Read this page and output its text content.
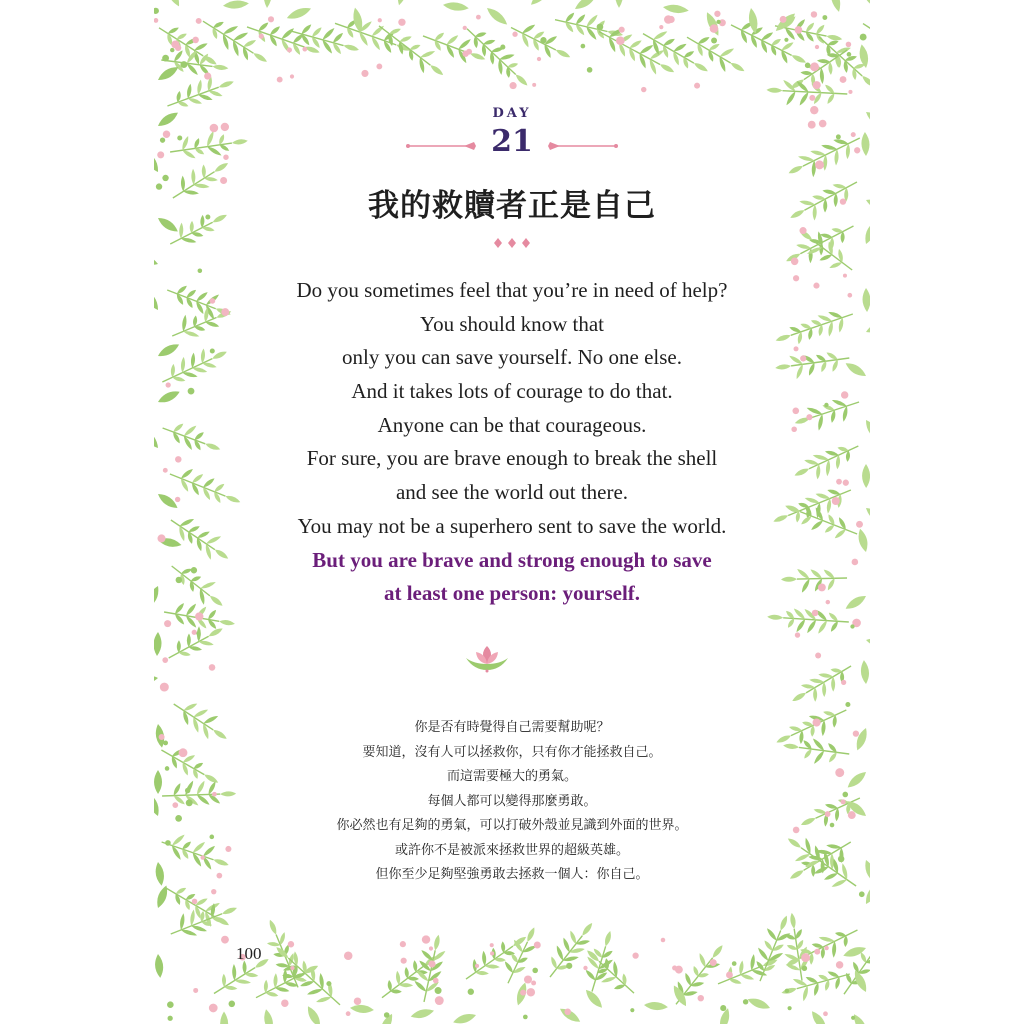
DAY
21
我的救贖者正是自己
Do you sometimes feel that you’re in need of help?
You should know that
only you can save yourself. No one else.
And it takes lots of courage to do that.
Anyone can be that courageous.
For sure, you are brave enough to break the shell
and see the world out there.
You may not be a superhero sent to save the world.
But you are brave and strong enough to save
at least one person: yourself.
你是否有時覺得自己需要幫助呢？
要知道，沒有人可以拯救你，只有你才能拯救自己。
而這需要極大的勇氣。
每個人都可以變得那麼勇敢。
你必然也有足夠的勇氣，可以打破外殼並見識到外面的世界。
或許你不是被派來拯救世界的超級英雄。
但你至少足夠堅強勇敢去拯救一個人：你自己。
100
